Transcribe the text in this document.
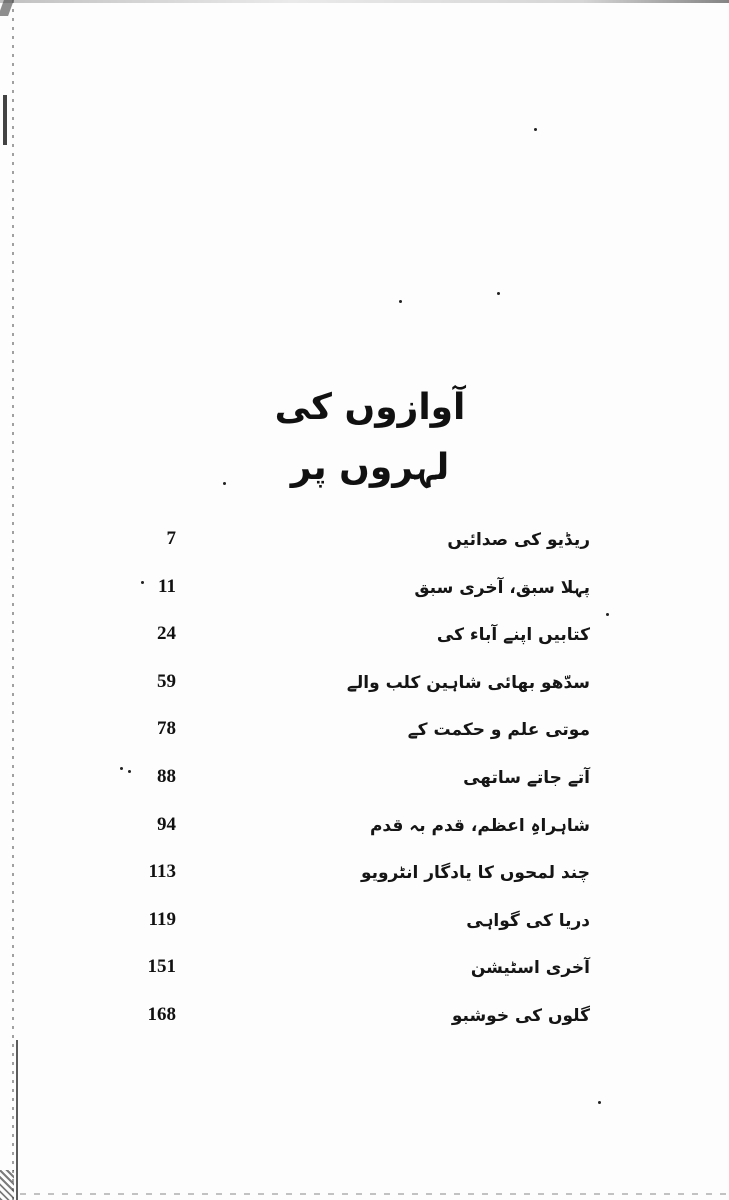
آوازوں کی لہروں پر
ریڈیو کی صدائیں
7
پہلا سبق، آخری سبق
11
کتابیں اپنے آباء کی
24
سدّھو بھائی شاہین کلب والے
59
موتی علم و حکمت کے
78
آتے جاتے ساتھی
88
شاہراہِ اعظم، قدم بہ قدم
94
چند لمحوں کا یادگار انٹرویو
113
دریا کی گواہی
119
آخری اسٹیشن
151
گلوں کی خوشبو
168
